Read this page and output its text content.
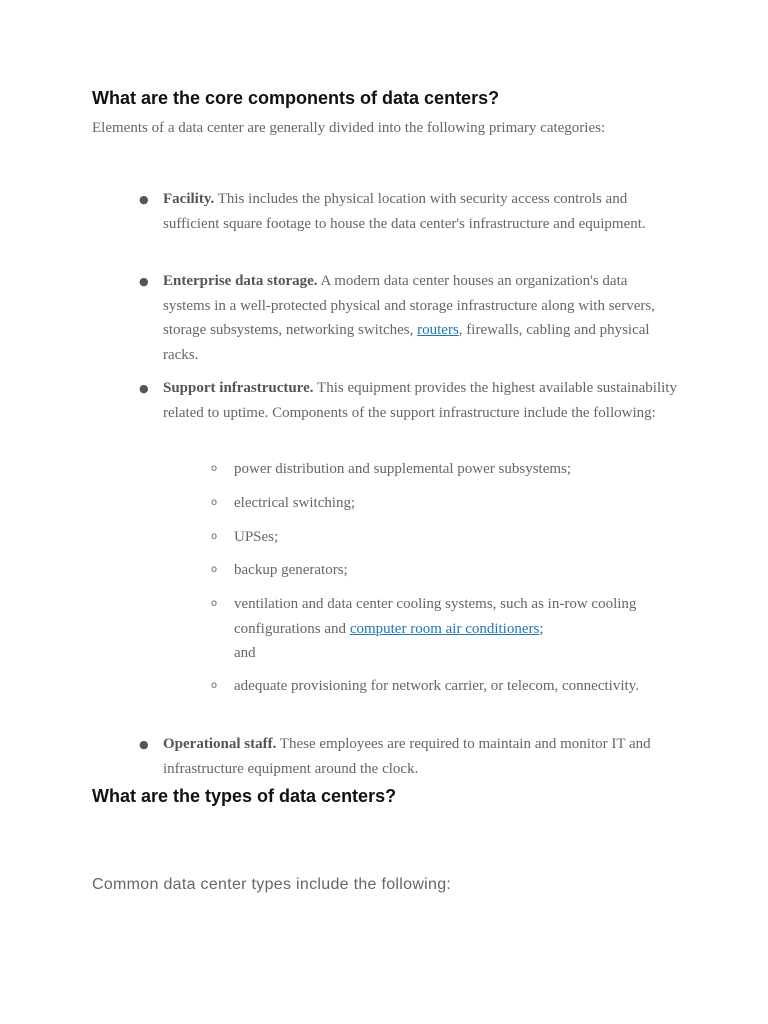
What are the core components of data centers?

Elements of a data center are generally divided into the following primary categories:

● Facility. This includes the physical location with security access controls and sufficient square footage to house the data center's infrastructure and equipment.

● Enterprise data storage. A modern data center houses an organization's data systems in a well-protected physical and storage infrastructure along with servers, storage subsystems, networking switches, routers, firewalls, cabling and physical racks.

● Support infrastructure. This equipment provides the highest available sustainability related to uptime. Components of the support infrastructure include the following:

o power distribution and supplemental power subsystems;

o electrical switching;

o UPSes;

o backup generators;

o ventilation and data center cooling systems, such as in-row cooling configurations and computer room air conditioners;
and

o adequate provisioning for network carrier, or telecom, connectivity.

● Operational staff. These employees are required to maintain and monitor IT and infrastructure equipment around the clock.

What are the types of data centers?

Common data center types include the following:
